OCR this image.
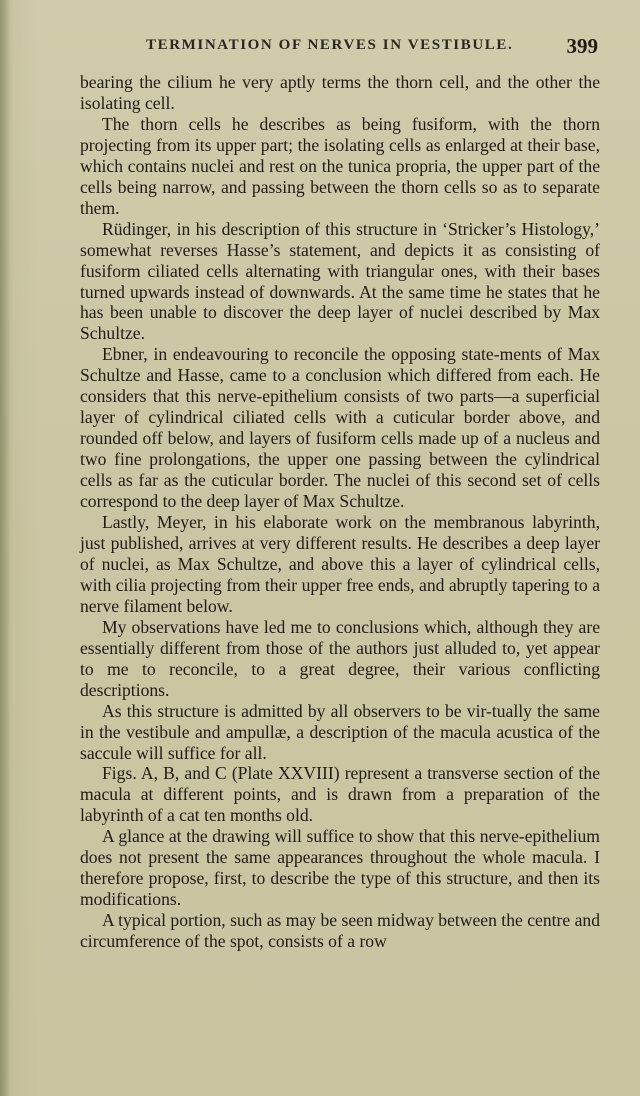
TERMINATION OF NERVES IN VESTIBULE.	399

bearing the cilium he very aptly terms the thorn cell, and the other the isolating cell.

The thorn cells he describes as being fusiform, with the thorn projecting from its upper part; the isolating cells as enlarged at their base, which contains nuclei and rest on the tunica propria, the upper part of the cells being narrow, and passing between the thorn cells so as to separate them.

Rüdinger, in his description of this structure in ‘Stricker’s Histology,’ somewhat reverses Hasse’s statement, and depicts it as consisting of fusiform ciliated cells alternating with triangular ones, with their bases turned upwards instead of downwards. At the same time he states that he has been unable to discover the deep layer of nuclei described by Max Schultze.

Ebner, in endeavouring to reconcile the opposing state-ments of Max Schultze and Hasse, came to a conclusion which differed from each. He considers that this nerve-epithelium consists of two parts—a superficial layer of cylindrical ciliated cells with a cuticular border above, and rounded off below, and layers of fusiform cells made up of a nucleus and two fine prolongations, the upper one passing between the cylindrical cells as far as the cuticular border. The nuclei of this second set of cells correspond to the deep layer of Max Schultze.

Lastly, Meyer, in his elaborate work on the membranous labyrinth, just published, arrives at very different results. He describes a deep layer of nuclei, as Max Schultze, and above this a layer of cylindrical cells, with cilia projecting from their upper free ends, and abruptly tapering to a nerve filament below.

My observations have led me to conclusions which, although they are essentially different from those of the authors just alluded to, yet appear to me to reconcile, to a great degree, their various conflicting descriptions.

As this structure is admitted by all observers to be vir-tually the same in the vestibule and ampullæ, a description of the macula acustica of the saccule will suffice for all.

Figs. A, B, and C (Plate XXVIII) represent a transverse section of the macula at different points, and is drawn from a preparation of the labyrinth of a cat ten months old.

A glance at the drawing will suffice to show that this nerve-epithelium does not present the same appearances throughout the whole macula. I therefore propose, first, to describe the type of this structure, and then its modifications.

A typical portion, such as may be seen midway between the centre and circumference of the spot, consists of a row
